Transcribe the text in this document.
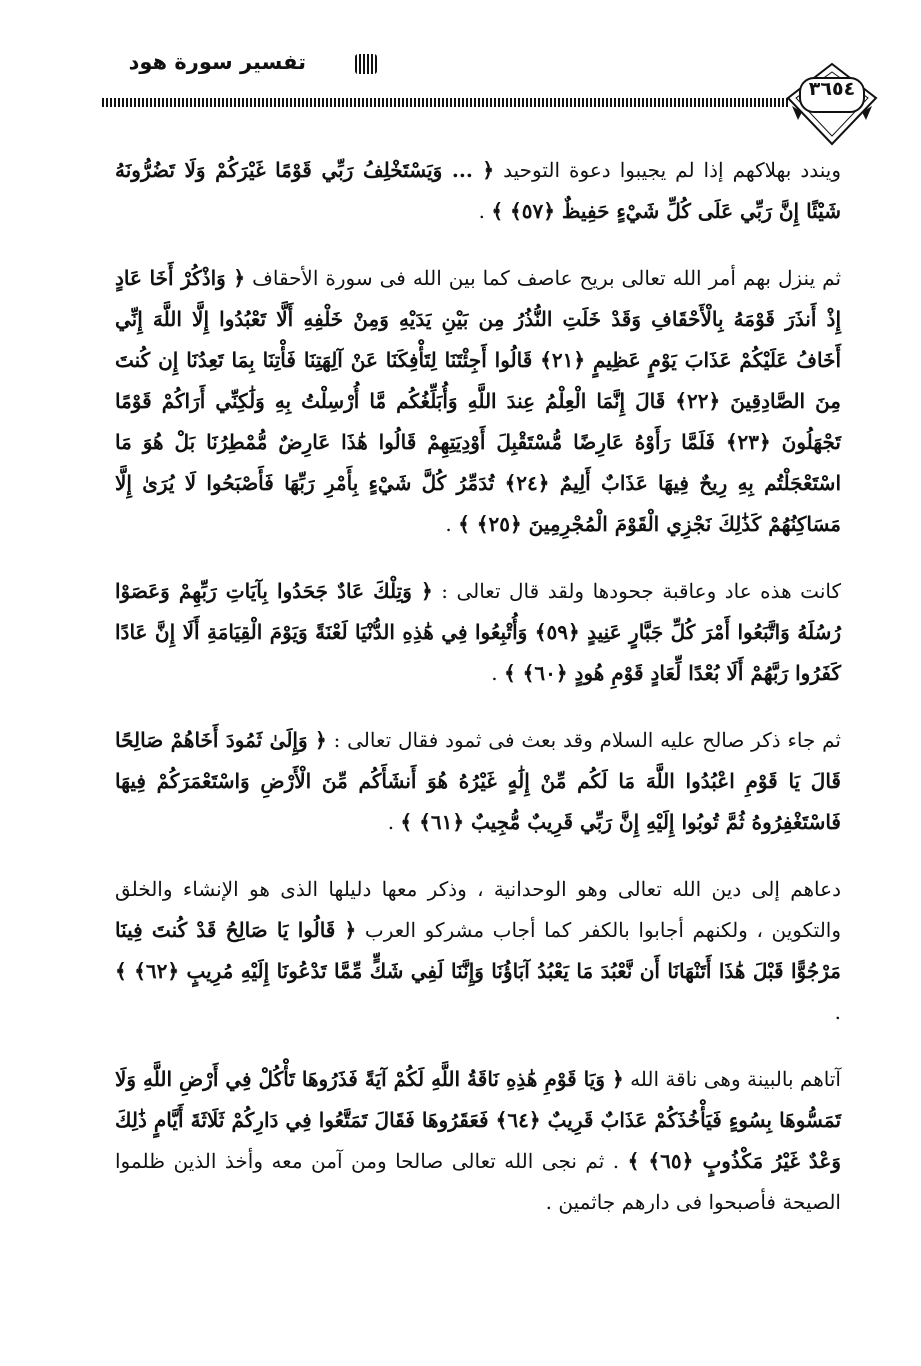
تفسير سورة هود
٣٦٥٤

ويندد بهلاكهم إذا لم يجيبوا دعوة التوحيد ﴿ ... وَيَسْتَخْلِفُ رَبِّي قَوْمًا غَيْرَكُمْ وَلَا تَضُرُّونَهُ شَيْئًا إِنَّ رَبِّي عَلَى كُلِّ شَيْءٍ حَفِيظٌ ﴿٥٧﴾ ﴾ .

ثم ينزل بهم أمر الله تعالى بريح عاصف كما بين الله فى سورة الأحقاف ﴿ وَاذْكُرْ أَخَا عَادٍ إِذْ أَنذَرَ قَوْمَهُ بِالْأَحْقَافِ وَقَدْ خَلَتِ النُّذُرُ مِن بَيْنِ يَدَيْهِ وَمِنْ خَلْفِهِ أَلَّا تَعْبُدُوا إِلَّا اللَّهَ إِنِّي أَخَافُ عَلَيْكُمْ عَذَابَ يَوْمٍ عَظِيمٍ ﴿٢١﴾ قَالُوا أَجِئْتَنَا لِتَأْفِكَنَا عَنْ آلِهَتِنَا فَأْتِنَا بِمَا تَعِدُنَا إِن كُنتَ مِنَ الصَّادِقِينَ ﴿٢٢﴾ قَالَ إِنَّمَا الْعِلْمُ عِندَ اللَّهِ وَأُبَلِّغُكُم مَّا أُرْسِلْتُ بِهِ وَلَٰكِنِّي أَرَاكُمْ قَوْمًا تَجْهَلُونَ ﴿٢٣﴾ فَلَمَّا رَأَوْهُ عَارِضًا مُّسْتَقْبِلَ أَوْدِيَتِهِمْ قَالُوا هَٰذَا عَارِضٌ مُّمْطِرُنَا بَلْ هُوَ مَا اسْتَعْجَلْتُم بِهِ رِيحٌ فِيهَا عَذَابٌ أَلِيمٌ ﴿٢٤﴾ تُدَمِّرُ كُلَّ شَيْءٍ بِأَمْرِ رَبِّهَا فَأَصْبَحُوا لَا يُرَىٰ إِلَّا مَسَاكِنُهُمْ كَذَٰلِكَ نَجْزِي الْقَوْمَ الْمُجْرِمِينَ ﴿٢٥﴾ ﴾ .

كانت هذه عاد وعاقبة جحودها ولقد قال تعالى : ﴿ وَتِلْكَ عَادٌ جَحَدُوا بِآيَاتِ رَبِّهِمْ وَعَصَوْا رُسُلَهُ وَاتَّبَعُوا أَمْرَ كُلِّ جَبَّارٍ عَنِيدٍ ﴿٥٩﴾ وَأُتْبِعُوا فِي هَٰذِهِ الدُّنْيَا لَعْنَةً وَيَوْمَ الْقِيَامَةِ أَلَا إِنَّ عَادًا كَفَرُوا رَبَّهُمْ أَلَا بُعْدًا لِّعَادٍ قَوْمِ هُودٍ ﴿٦٠﴾ ﴾ .

ثم جاء ذكر صالح عليه السلام وقد بعث فى ثمود فقال تعالى : ﴿ وَإِلَىٰ ثَمُودَ أَخَاهُمْ صَالِحًا قَالَ يَا قَوْمِ اعْبُدُوا اللَّهَ مَا لَكُم مِّنْ إِلَٰهٍ غَيْرُهُ هُوَ أَنشَأَكُم مِّنَ الْأَرْضِ وَاسْتَعْمَرَكُمْ فِيهَا فَاسْتَغْفِرُوهُ ثُمَّ تُوبُوا إِلَيْهِ إِنَّ رَبِّي قَرِيبٌ مُّجِيبٌ ﴿٦١﴾ ﴾ .

دعاهم إلى دين الله تعالى وهو الوحدانية ، وذكر معها دليلها الذى هو الإنشاء والخلق والتكوين ، ولكنهم أجابوا بالكفر كما أجاب مشركو العرب ﴿ قَالُوا يَا صَالِحُ قَدْ كُنتَ فِينَا مَرْجُوًّا قَبْلَ هَٰذَا أَتَنْهَانَا أَن نَّعْبُدَ مَا يَعْبُدُ آبَاؤُنَا وَإِنَّنَا لَفِي شَكٍّ مِّمَّا تَدْعُونَا إِلَيْهِ مُرِيبٍ ﴿٦٢﴾ ﴾ .

آتاهم بالبينة وهى ناقة الله ﴿ وَيَا قَوْمِ هَٰذِهِ نَاقَةُ اللَّهِ لَكُمْ آيَةً فَذَرُوهَا تَأْكُلْ فِي أَرْضِ اللَّهِ وَلَا تَمَسُّوهَا بِسُوءٍ فَيَأْخُذَكُمْ عَذَابٌ قَرِيبٌ ﴿٦٤﴾ فَعَقَرُوهَا فَقَالَ تَمَتَّعُوا فِي دَارِكُمْ ثَلَاثَةَ أَيَّامٍ ذَٰلِكَ وَعْدٌ غَيْرُ مَكْذُوبٍ ﴿٦٥﴾ ﴾ . ثم نجى الله تعالى صالحا ومن آمن معه وأخذ الذين ظلموا الصيحة فأصبحوا فى دارهم جاثمين .
